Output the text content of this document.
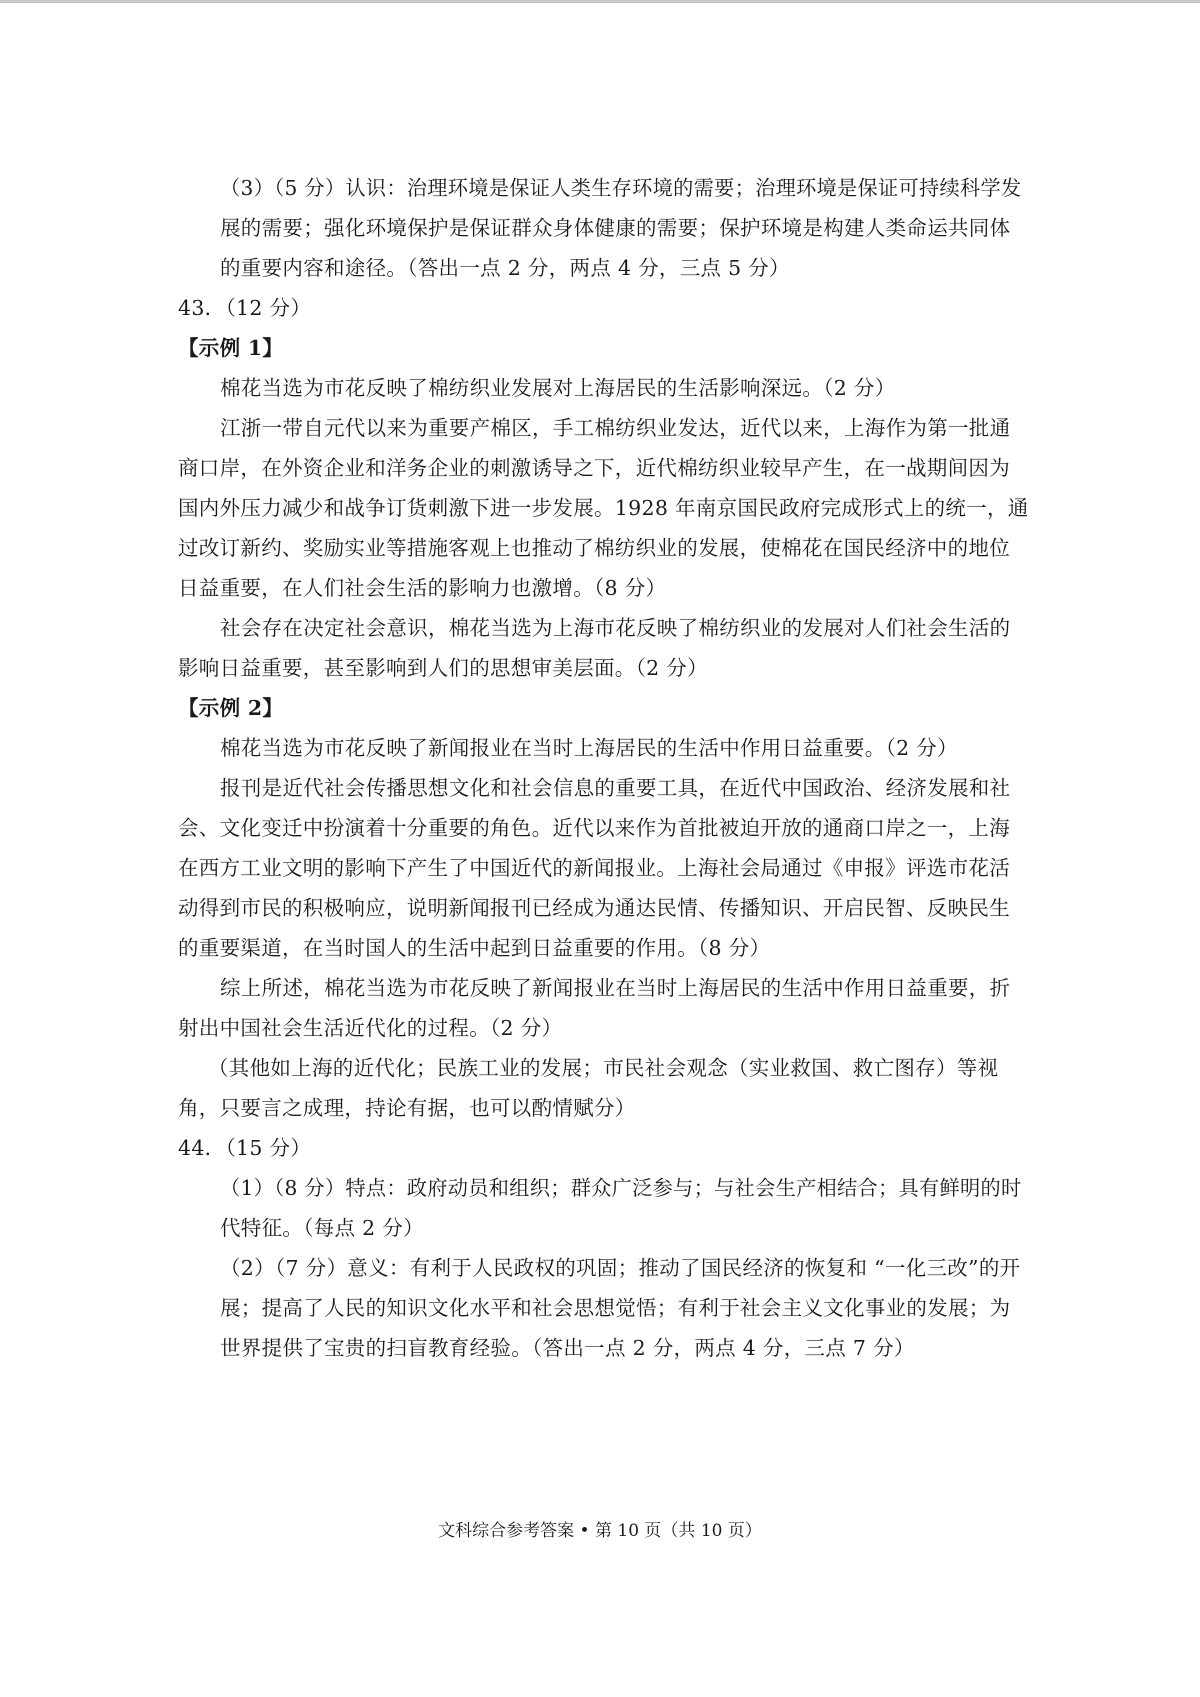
（3）（5 分）认识：治理环境是保证人类生存环境的需要；治理环境是保证可持续科学发
展的需要；强化环境保护是保证群众身体健康的需要；保护环境是构建人类命运共同体
的重要内容和途径。（答出一点 2 分，两点 4 分，三点 5 分）
43．（12 分）
【示例 1】
棉花当选为市花反映了棉纺织业发展对上海居民的生活影响深远。（2 分）
江浙一带自元代以来为重要产棉区，手工棉纺织业发达，近代以来，上海作为第一批通
商口岸，在外资企业和洋务企业的刺激诱导之下，近代棉纺织业较早产生，在一战期间因为
国内外压力减少和战争订货刺激下进一步发展。1928 年南京国民政府完成形式上的统一，通
过改订新约、奖励实业等措施客观上也推动了棉纺织业的发展，使棉花在国民经济中的地位
日益重要，在人们社会生活的影响力也激增。（8 分）
社会存在决定社会意识，棉花当选为上海市花反映了棉纺织业的发展对人们社会生活的
影响日益重要，甚至影响到人们的思想审美层面。（2 分）
【示例 2】
棉花当选为市花反映了新闻报业在当时上海居民的生活中作用日益重要。（2 分）
报刊是近代社会传播思想文化和社会信息的重要工具，在近代中国政治、经济发展和社
会、文化变迁中扮演着十分重要的角色。近代以来作为首批被迫开放的通商口岸之一，上海
在西方工业文明的影响下产生了中国近代的新闻报业。上海社会局通过《申报》评选市花活
动得到市民的积极响应，说明新闻报刊已经成为通达民情、传播知识、开启民智、反映民生
的重要渠道，在当时国人的生活中起到日益重要的作用。（8 分）
综上所述，棉花当选为市花反映了新闻报业在当时上海居民的生活中作用日益重要，折
射出中国社会生活近代化的过程。（2 分）
（其他如上海的近代化；民族工业的发展；市民社会观念（实业救国、救亡图存）等视
角，只要言之成理，持论有据，也可以酌情赋分）
44．（15 分）
（1）（8 分）特点：政府动员和组织；群众广泛参与；与社会生产相结合；具有鲜明的时
代特征。（每点 2 分）
（2）（7 分）意义：有利于人民政权的巩固；推动了国民经济的恢复和 “一化三改”的开
展；提高了人民的知识文化水平和社会思想觉悟；有利于社会主义文化事业的发展；为
世界提供了宝贵的扫盲教育经验。（答出一点 2 分，两点 4 分，三点 7 分）
文科综合参考答案 • 第 10 页（共 10 页）
